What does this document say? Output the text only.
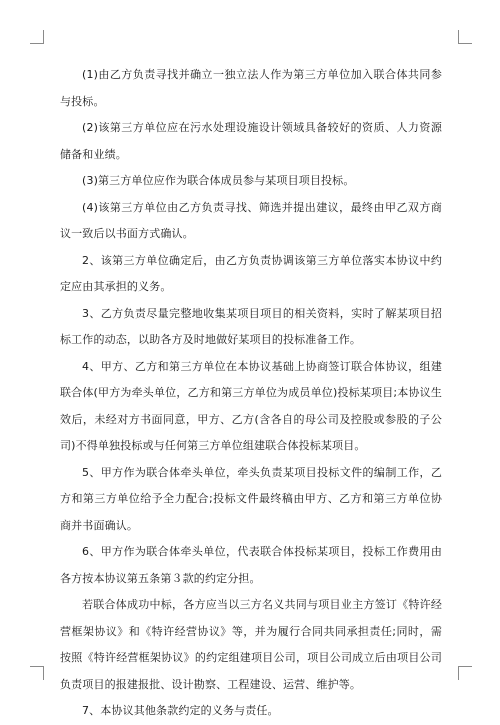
(1)由乙方负责寻找并确立一独立法人作为第三方单位加入联合体共同参与投标。

(2)该第三方单位应在污水处理设施设计领域具备较好的资质、人力资源储备和业绩。

(3)第三方单位应作为联合体成员参与某项目项目投标。

(4)该第三方单位由乙方负责寻找、筛选并提出建议，最终由甲乙双方商议一致后以书面方式确认。

2、该第三方单位确定后，由乙方负责协调该第三方单位落实本协议中约定应由其承担的义务。

3、乙方负责尽量完整地收集某项目项目的相关资料，实时了解某项目招标工作的动态，以助各方及时地做好某项目的投标准备工作。

4、甲方、乙方和第三方单位在本协议基础上协商签订联合体协议，组建联合体(甲方为牵头单位，乙方和第三方单位为成员单位)投标某项目;本协议生效后，未经对方书面同意，甲方、乙方(含各自的母公司及控股或参股的子公司)不得单独投标或与任何第三方单位组建联合体投标某项目。

5、甲方作为联合体牵头单位，牵头负责某项目投标文件的编制工作，乙方和第三方单位给予全力配合;投标文件最终稿由甲方、乙方和第三方单位协商并书面确认。

6、甲方作为联合体牵头单位，代表联合体投标某项目，投标工作费用由各方按本协议第五条第３款的约定分担。

若联合体成功中标，各方应当以三方名义共同与项目业主方签订《特许经营框架协议》和《特许经营协议》等，并为履行合同共同承担责任;同时，需按照《特许经营框架协议》的约定组建项目公司，项目公司成立后由项目公司负责项目的报建报批、设计勘察、工程建设、运营、维护等。

7、本协议其他条款约定的义务与责任。
